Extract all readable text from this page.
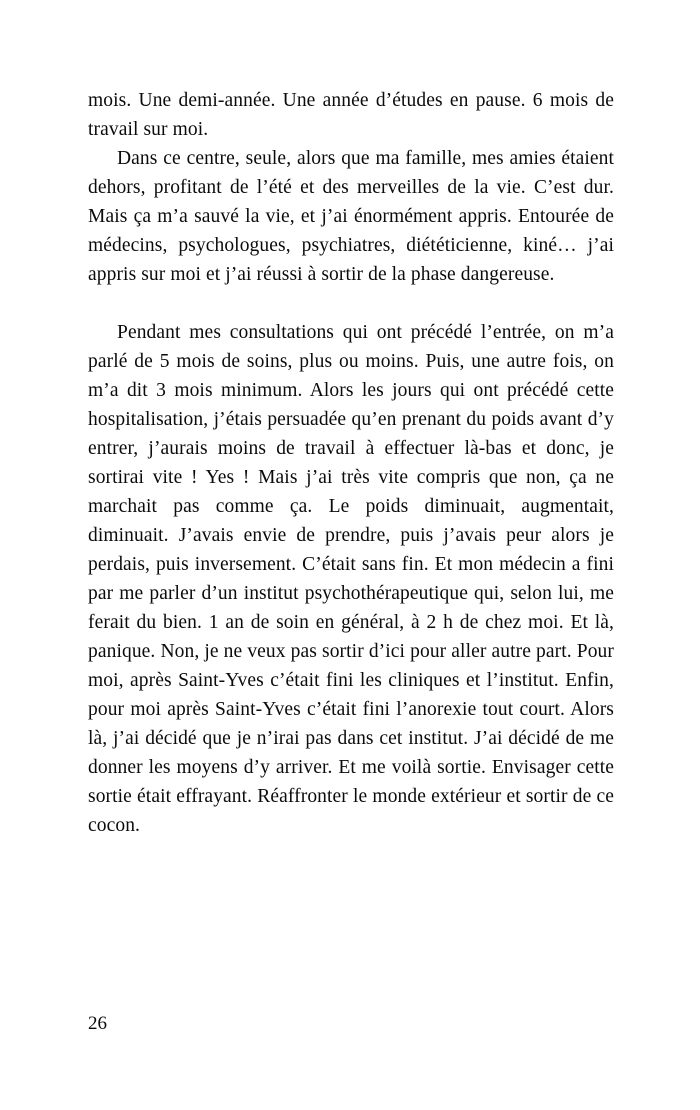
mois. Une demi-année. Une année d’études en pause. 6 mois de travail sur moi.

Dans ce centre, seule, alors que ma famille, mes amies étaient dehors, profitant de l’été et des merveilles de la vie. C’est dur. Mais ça m’a sauvé la vie, et j’ai énormément appris. Entourée de médecins, psychologues, psychiatres, diététicienne, kiné… j’ai appris sur moi et j’ai réussi à sortir de la phase dangereuse.

Pendant mes consultations qui ont précédé l’entrée, on m’a parlé de 5 mois de soins, plus ou moins. Puis, une autre fois, on m’a dit 3 mois minimum. Alors les jours qui ont précédé cette hospitalisation, j’étais persuadée qu’en prenant du poids avant d’y entrer, j’aurais moins de travail à effectuer là-bas et donc, je sortirai vite ! Yes ! Mais j’ai très vite compris que non, ça ne marchait pas comme ça. Le poids diminuait, augmentait, diminuait. J’avais envie de prendre, puis j’avais peur alors je perdais, puis inversement. C’était sans fin. Et mon médecin a fini par me parler d’un institut psychothérapeutique qui, selon lui, me ferait du bien. 1 an de soin en général, à 2 h de chez moi. Et là, panique. Non, je ne veux pas sortir d’ici pour aller autre part. Pour moi, après Saint-Yves c’était fini les cliniques et l’institut. Enfin, pour moi après Saint-Yves c’était fini l’anorexie tout court. Alors là, j’ai décidé que je n’irai pas dans cet institut. J’ai décidé de me donner les moyens d’y arriver. Et me voilà sortie. Envisager cette sortie était effrayant. Réaffronter le monde extérieur et sortir de ce cocon.

26
